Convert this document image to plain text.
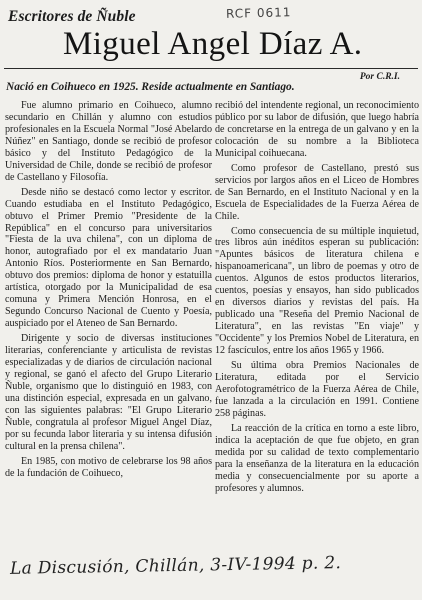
Escritores de Ñuble	RCF 0611
Miguel Angel Díaz A.
Por C.R.I.
Nació en Coihueco en 1925. Reside actualmente en Santiago.

Fue alumno primario en Coihueco, alumno secundario en Chillán y alumno con estudios profesionales en la Escuela Normal "José Abelardo Núñez" en Santiago, donde se recibió de profesor básico y del Instituto Pedagógico de la Universidad de Chile, donde se recibió de profesor de Castellano y Filosofía.

Desde niño se destacó como lector y escritor. Cuando estudiaba en el Instituto Pedagógico, obtuvo el Primer Premio "Presidente de la República" en el concurso para universitarios "Fiesta de la uva chilena", con un diploma de honor, autografiado por el ex mandatario Juan Antonio Ríos. Posteriormente en San Bernardo, obtuvo dos premios: diploma de honor y estatuilla artística, otorgado por la Municipalidad de esa comuna y Primera Mención Honrosa, en el Segundo Concurso Nacional de Cuento y Poesía, auspiciado por el Ateneo de San Bernardo.

Dirigente y socio de diversas instituciones literarias, conferenciante y articulista de revistas especializadas y de diarios de circulación nacional y regional, se ganó el afecto del Grupo Literario Ñuble, organismo que lo distinguió en 1983, con una distinción especial, expresada en un galvano, con las siguientes palabras: "El Grupo Literario Ñuble, congratula al profesor Miguel Angel Díaz, por su fecunda labor literaria y su intensa difusión cultural en la prensa chilena".

En 1985, con motivo de celebrarse los 98 años de la fundación de Coihueco,

recibió del intendente regional, un reconocimiento público por su labor de difusión, que luego habría de concretarse en la entrega de un galvano y en la colocación de su nombre a la Biblioteca Municipal coihuecana.

Como profesor de Castellano, prestó sus servicios por largos años en el Liceo de Hombres de San Bernardo, en el Instituto Nacional y en la Escuela de Especialidades de la Fuerza Aérea de Chile.

Como consecuencia de su múltiple inquietud, tres libros aún inéditos esperan su publicación: "Apuntes básicos de literatura chilena e hispanoamericana", un libro de poemas y otro de cuentos. Algunos de estos productos literarios, cuentos, poesías y ensayos, han sido publicados en diversos diarios y revistas del país. Ha publicado una "Reseña del Premio Nacional de Literatura", en las revistas "En viaje" y "Occidente" y los Premios Nobel de Literatura, en 12 fascículos, entre los años 1965 y 1966.

Su última obra Premios Nacionales de Literatura, editada por el Servicio Aerofotogramétrico de la Fuerza Aérea de Chile, fue lanzada a la circulación en 1991. Contiene 258 páginas.

La reacción de la crítica en torno a este libro, indica la aceptación de que fue objeto, en gran medida por su calidad de texto complementario para la enseñanza de la literatura en la educación media y consecuencialmente por su aporte a profesores y alumnos.

La Discusión, Chillán, 3-IV-1994 p. 2.
